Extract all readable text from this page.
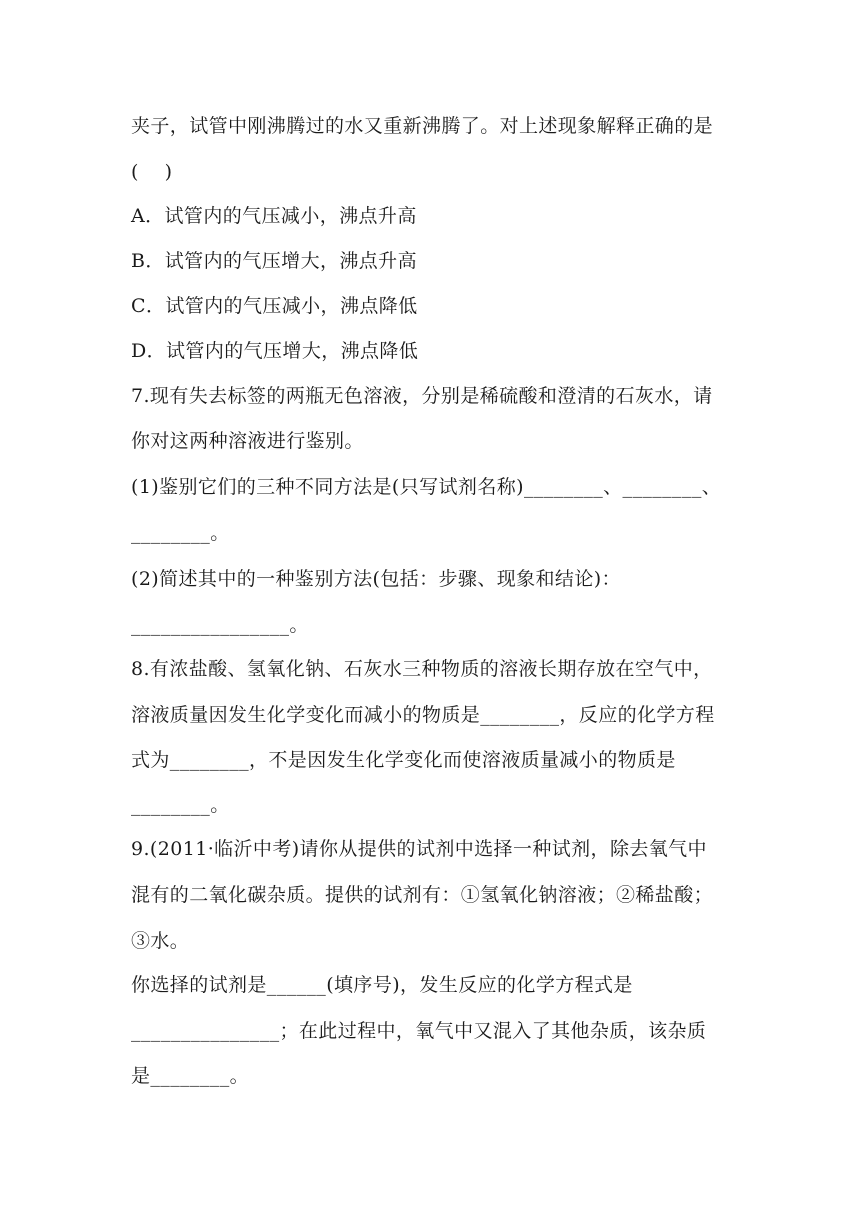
夹子，试管中刚沸腾过的水又重新沸腾了。对上述现象解释正确的是
(    )
A．试管内的气压减小，沸点升高
B．试管内的气压增大，沸点升高
C．试管内的气压减小，沸点降低
D．试管内的气压增大，沸点降低
7.现有失去标签的两瓶无色溶液，分别是稀硫酸和澄清的石灰水，请
你对这两种溶液进行鉴别。
(1)鉴别它们的三种不同方法是(只写试剂名称)________、________、
________。
(2)简述其中的一种鉴别方法(包括：步骤、现象和结论)：
________________。
8.有浓盐酸、氢氧化钠、石灰水三种物质的溶液长期存放在空气中，
溶液质量因发生化学变化而减小的物质是________，反应的化学方程
式为________，不是因发生化学变化而使溶液质量减小的物质是
________。
9.(2011·临沂中考)请你从提供的试剂中选择一种试剂，除去氧气中
混有的二氧化碳杂质。提供的试剂有：①氢氧化钠溶液；②稀盐酸；
③水。
你选择的试剂是______(填序号)，发生反应的化学方程式是
_______________；在此过程中，氧气中又混入了其他杂质，该杂质
是________。
